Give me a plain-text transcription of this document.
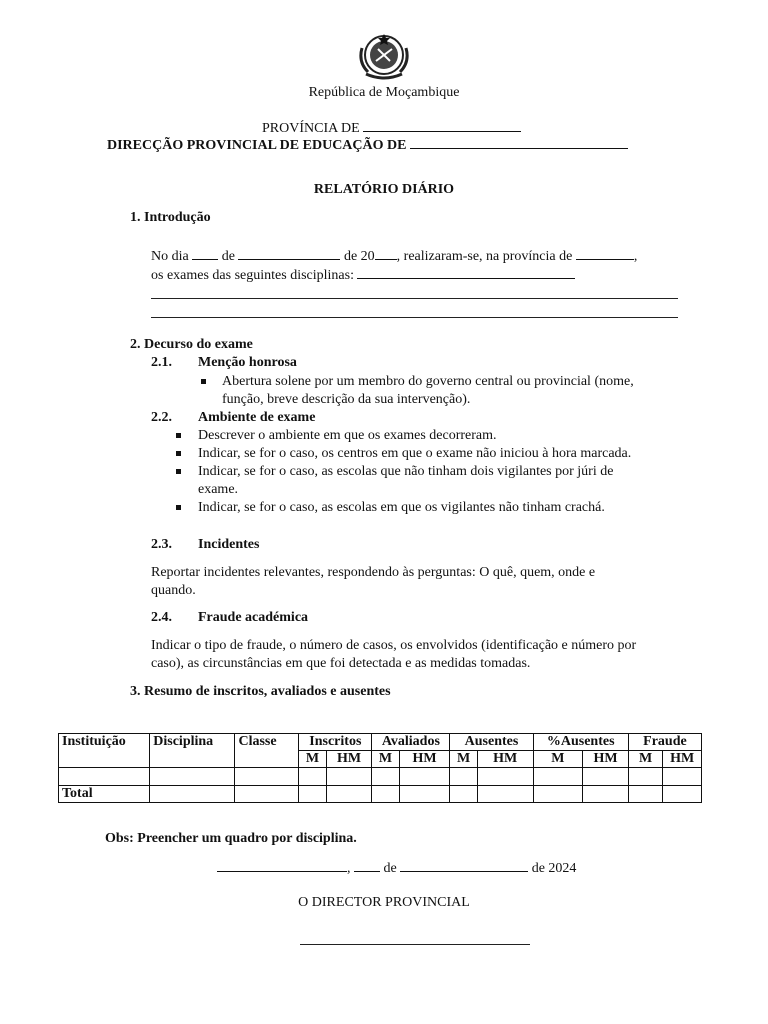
República de Moçambique
PROVÍNCIA DE
DIRECÇÃO PROVINCIAL DE EDUCAÇÃO DE
RELATÓRIO DIÁRIO
1. Introdução
No dia de	de 20 , realizaram-se, na província de	,
os exames das seguintes disciplinas:
2. Decurso do exame
2.1. Menção honrosa
Abertura solene por um membro do governo central ou provincial (nome,
função, breve descrição da sua intervenção).
2.2. Ambiente de exame
Descrever o ambiente em que os exames decorreram.
Indicar, se for o caso, os centros em que o exame não iniciou à hora marcada.
Indicar, se for o caso, as escolas que não tinham dois vigilantes por júri de
exame.
Indicar, se for o caso, as escolas em que os vigilantes não tinham crachá.
2.3. Incidentes
Reportar incidentes relevantes, respondendo às perguntas: O quê, quem, onde e
quando.
2.4. Fraude académica
Indicar o tipo de fraude, o número de casos, os envolvidos (identificação e número por
caso), as circunstâncias em que foi detectada e as medidas tomadas.
3. Resumo de inscritos, avaliados e ausentes
Instituição	Disciplina	Classe	Inscritos		Avaliados		Ausentes		%Ausentes		Fraude	
			M	HM	M	HM	M	HM	M	HM	M	HM

Total												
Obs: Preencher um quadro por disciplina.
, de	de 2024
O DIRECTOR PROVINCIAL
